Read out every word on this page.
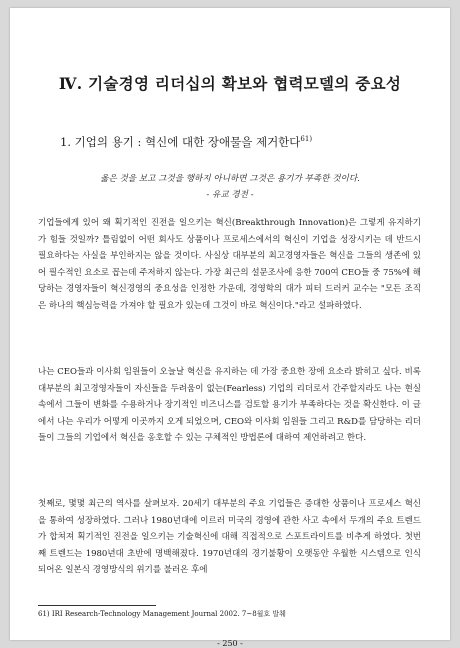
Ⅳ. 기술경영 리더십의 확보와 협력모델의 중요성
1. 기업의 용기 : 혁신에 대한 장애물을 제거한다$^{61)}$
옳은 것을 보고 그것을 행하지 아니하면 그것은 용기가 부족한 것이다.
- 유교 경전 -

기업들에게 있어 왜 획기적인 진전을 일으키는 혁신(Breakthrough Innovation)은 그렇게 유지하기가 힘들 것일까? 틀림없이 어떤 회사도 상품이나 프로세스에서의 혁신이 기업을 성장시키는 데 반드시 필요하다는 사실을 부인하지는 않을 것이다. 사실상 대부분의 최고경영자들은 혁신을 그들의 생존에 있어 필수적인 요소로 꼽는데 주저하지 않는다. 가장 최근의 설문조사에 응한 700여 CEO들 중 75%에 해당하는 경영자들이 혁신경영의 중요성을 인정한 가운데, 경영학의 대가 피터 드러커 교수는 "모든 조직은 하나의 핵심능력을 가져야 할 필요가 있는데 그것이 바로 혁신이다."라고 설파하였다.

나는 CEO들과 이사회 임원들이 오늘날 혁신을 유지하는 데 가장 중요한 장애 요소라 밝히고 싶다. 비록 대부분의 최고경영자들이 자신들을 두려움이 없는(Fearless) 기업의 리더로서 간주할지라도 나는 현실 속에서 그들이 변화를 수용하거나 장기적인 비즈니스를 검토할 용기가 부족하다는 것을 확신한다. 이 글에서 나는 우리가 어떻게 이곳까지 오게 되었으며, CEO와 이사회 임원들 그리고 R&D를 담당하는 리더들이 그들의 기업에서 혁신을 옹호할 수 있는 구체적인 방법론에 대하여 제언하려고 한다.

첫째로, 몇몇 최근의 역사를 살펴보자. 20세기 대부분의 주요 기업들은 증대한 상품이나 프로세스 혁신을 통하여 성장하였다. 그러나 1980년대에 이르러 미국의 경영에 관한 사고 속에서 두개의 주요 트렌드가 합쳐져 획기적인 진전을 일으키는 기술혁신에 대해 직접적으로 스포트라이트를 비추게 하였다. 첫번째 트렌드는 1980년대 초반에 명백해졌다. 1970년대의 경기불황이 오랫동안 우월한 시스템으로 인식되어온 일본식 경영방식의 위기를 불러온 후에

61) IRI Research-Technology Management Journal 2002. 7~8월호 발췌
- 250 -
